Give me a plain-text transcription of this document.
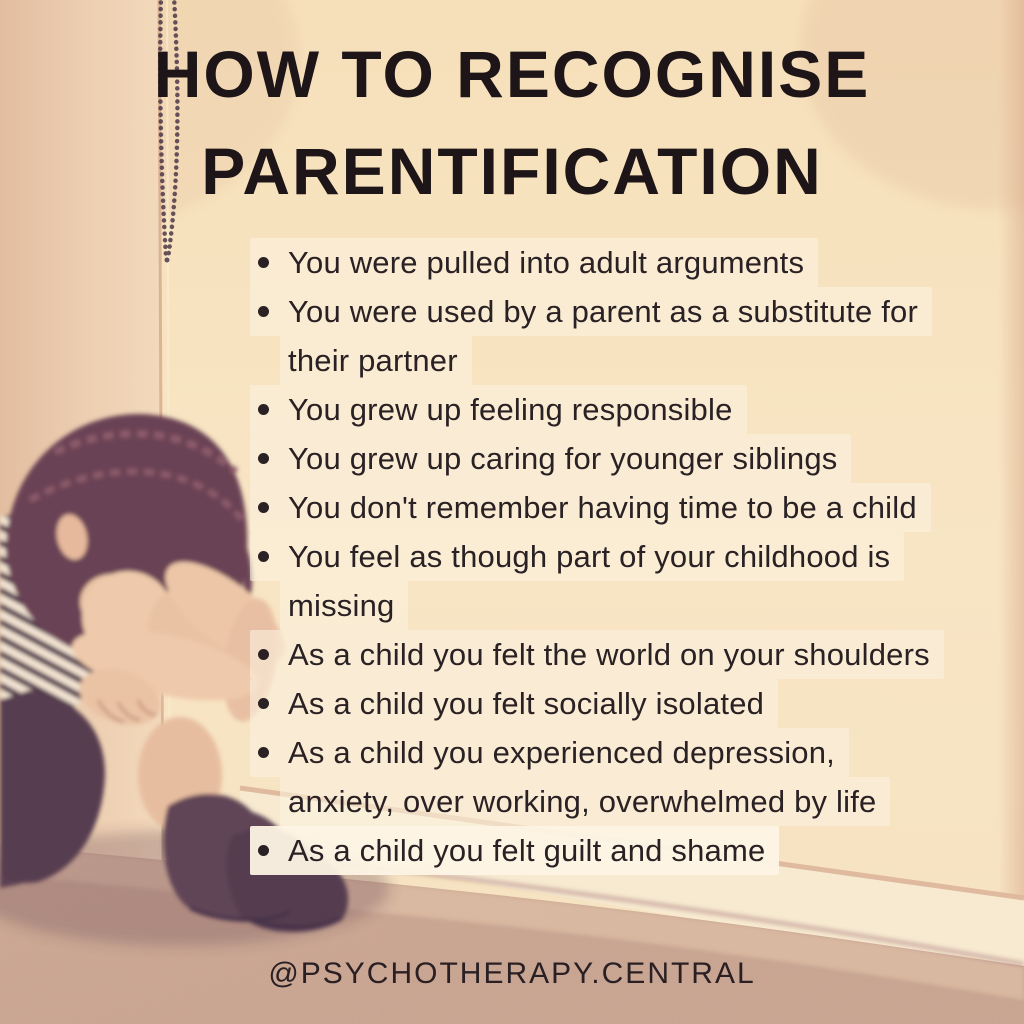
HOW TO RECOGNISE
PARENTIFICATION
You were pulled into adult arguments
You were used by a parent as a substitute for
their partner
You grew up feeling responsible
You grew up caring for younger siblings
You don't remember having time to be a child
You feel as though part of your childhood is
missing
As a child you felt the world on your shoulders
As a child you felt socially isolated
As a child you experienced depression,
anxiety, over working, overwhelmed by life
As a child you felt guilt and shame
@PSYCHOTHERAPY.CENTRAL
